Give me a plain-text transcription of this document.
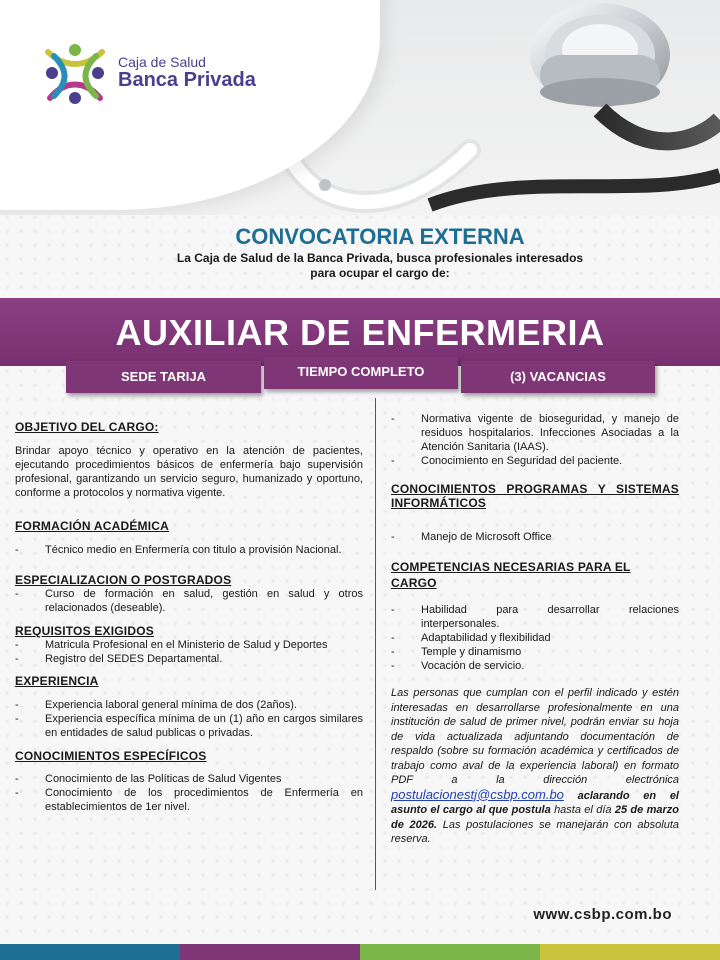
Caja de Salud
Banca Privada
CONVOCATORIA EXTERNA
La Caja de Salud de la Banca Privada, busca profesionales interesados
para ocupar el cargo de:
AUXILIAR DE ENFERMERIA
SEDE TARIJA	TIEMPO COMPLETO	(3) VACANCIAS
OBJETIVO DEL CARGO:
Brindar apoyo técnico y operativo en la atención de pacientes, ejecutando procedimientos básicos de enfermería bajo supervisión profesional, garantizando un servicio seguro, humanizado y oportuno, conforme a protocolos y normativa vigente.
FORMACIÓN ACADÉMICA
- Técnico medio en Enfermería con titulo a provisión Nacional.
ESPECIALIZACION O POSTGRADOS
- Curso de formación en salud, gestión en salud y otros relacionados (deseable).
REQUISITOS EXIGIDOS
- Matricula Profesional en el Ministerio de Salud y Deportes
- Registro del SEDES Departamental.
EXPERIENCIA
- Experiencia laboral general mínima de dos (2años).
- Experiencia específica mínima de un (1) año en cargos similares en entidades de salud publicas o privadas.
CONOCIMIENTOS ESPECÍFICOS
- Conocimiento de las Políticas de Salud Vigentes
- Conocimiento de los procedimientos de Enfermería en establecimientos de 1er nivel.
- Normativa vigente de bioseguridad, y manejo de residuos hospitalarios. Infecciones Asociadas a la Atención Sanitaria (IAAS).
- Conocimiento en Seguridad del paciente.
CONOCIMIENTOS PROGRAMAS Y SISTEMAS INFORMÁTICOS
- Manejo de Microsoft Office
COMPETENCIAS NECESARIAS PARA EL CARGO
- Habilidad para desarrollar relaciones interpersonales.
- Adaptabilidad y flexibilidad
- Temple y dinamismo
- Vocación de servicio.

Las personas que cumplan con el perfil indicado y estén interesadas en desarrollarse profesionalmente en una institución de salud de primer nivel, podrán enviar su hoja de vida actualizada adjuntando documentación de respaldo (sobre su formación académica y certificados de trabajo como aval de la experiencia laboral) en formato PDF a la dirección electrónica postulacionestj@csbp.com.bo aclarando en el asunto el cargo al que postula hasta el día 25 de marzo de 2026. Las postulaciones se manejarán con absoluta reserva.

www.csbp.com.bo
